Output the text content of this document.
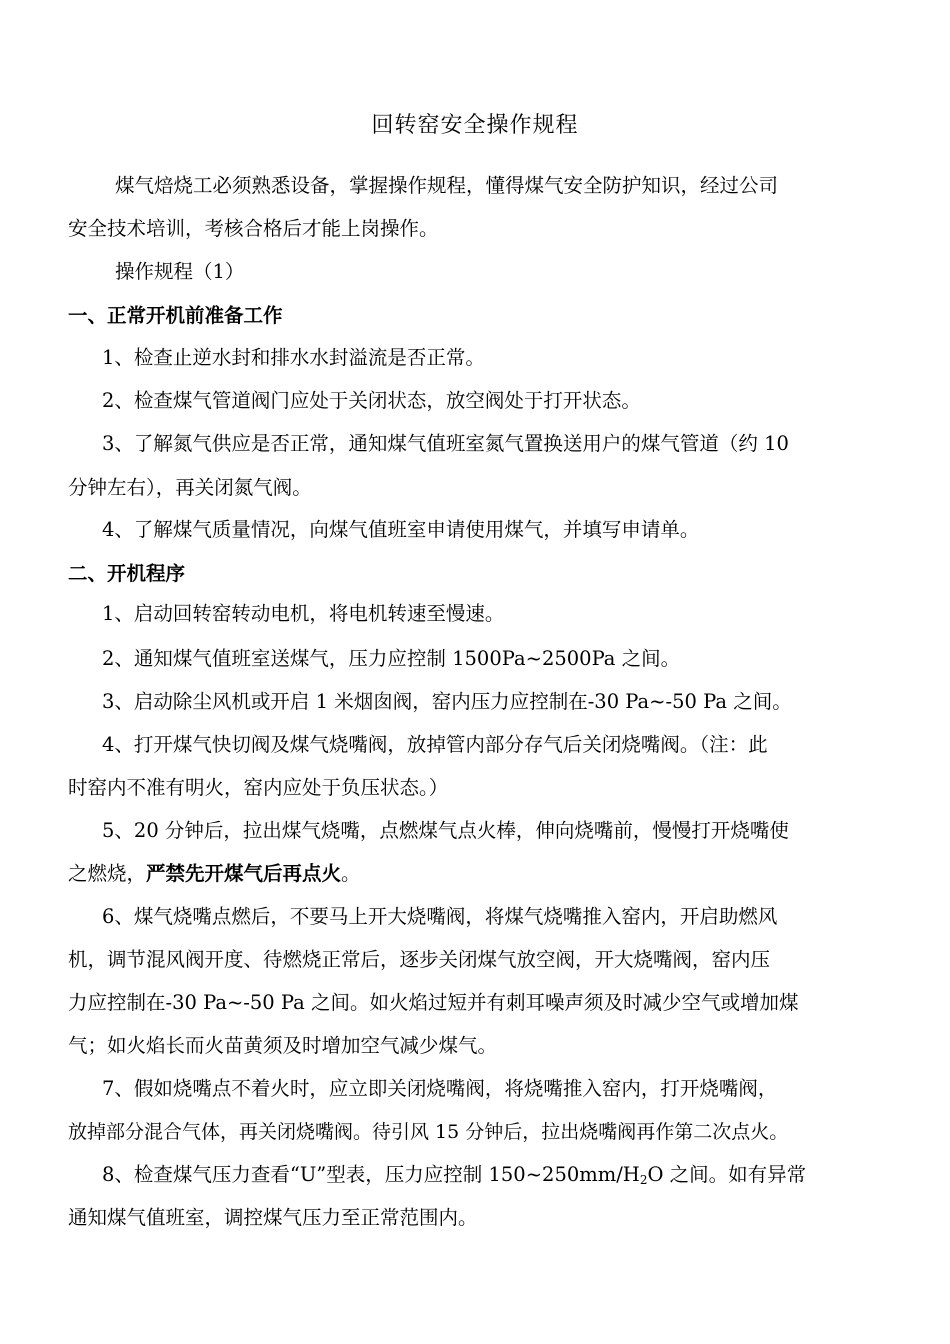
回转窑安全操作规程
煤气焙烧工必须熟悉设备，掌握操作规程，懂得煤气安全防护知识，经过公司
安全技术培训，考核合格后才能上岗操作。
操作规程（1）
一、正常开机前准备工作
1、检查止逆水封和排水水封溢流是否正常。
2、检查煤气管道阀门应处于关闭状态，放空阀处于打开状态。
3、了解氮气供应是否正常，通知煤气值班室氮气置换送用户的煤气管道（约 10
分钟左右），再关闭氮气阀。
4、了解煤气质量情况，向煤气值班室申请使用煤气，并填写申请单。
二、开机程序
1、启动回转窑转动电机，将电机转速至慢速。
2、通知煤气值班室送煤气，压力应控制 1500Pa~2500Pa 之间。
3、启动除尘风机或开启 1 米烟囱阀，窑内压力应控制在-30 Pa~-50 Pa 之间。
4、打开煤气快切阀及煤气烧嘴阀，放掉管内部分存气后关闭烧嘴阀。（注：此
时窑内不准有明火，窑内应处于负压状态。）
5、20 分钟后，拉出煤气烧嘴，点燃煤气点火棒，伸向烧嘴前，慢慢打开烧嘴使
之燃烧，严禁先开煤气后再点火。
6、煤气烧嘴点燃后，不要马上开大烧嘴阀，将煤气烧嘴推入窑内，开启助燃风
机，调节混风阀开度、待燃烧正常后，逐步关闭煤气放空阀，开大烧嘴阀，窑内压
力应控制在-30 Pa~-50 Pa 之间。如火焰过短并有刺耳噪声须及时减少空气或增加煤
气；如火焰长而火苗黄须及时增加空气减少煤气。
7、假如烧嘴点不着火时，应立即关闭烧嘴阀，将烧嘴推入窑内，打开烧嘴阀，
放掉部分混合气体，再关闭烧嘴阀。待引风 15 分钟后，拉出烧嘴阀再作第二次点火。
8、检查煤气压力查看“U”型表，压力应控制 $150\sim 250mm/H_2O$ 之间。如有异常
通知煤气值班室，调控煤气压力至正常范围内。
